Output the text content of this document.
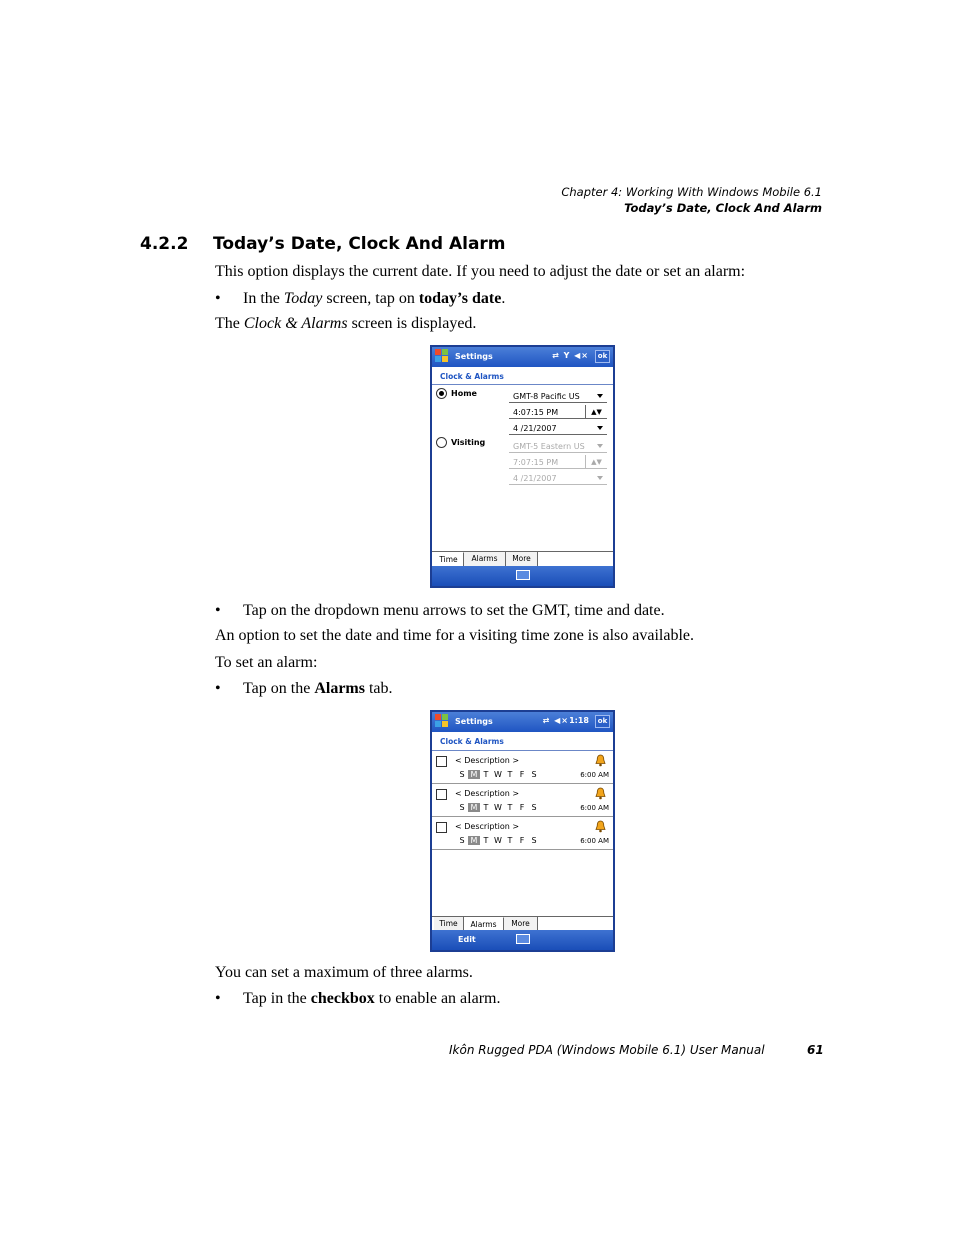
Chapter 4: Working With Windows Mobile 6.1
Today’s Date, Clock And Alarm
4.2.2 Today’s Date, Clock And Alarm
This option displays the current date. If you need to adjust the date or set an alarm:
• In the Today screen, tap on today’s date.
The Clock & Alarms screen is displayed.
Settings	⇄ Y ◀×	ok
Clock & Alarms
Home	GMT-8 Pacific US
4:07:15 PM	▲▼
4 /21/2007
Visiting	GMT-5 Eastern US
7:07:15 PM	▲▼
4 /21/2007
Time	Alarms	More
• Tap on the dropdown menu arrows to set the GMT, time and date.
An option to set the date and time for a visiting time zone is also available.
To set an alarm:
• Tap on the Alarms tab.
Settings	⇄ ◀× 1:18	ok
Clock & Alarms
< Description >
S M T W T F S	6:00 AM
< Description >
S M T W T F S	6:00 AM
< Description >
S M T W T F S	6:00 AM
Time	Alarms	More
Edit
You can set a maximum of three alarms.
• Tap in the checkbox to enable an alarm.
Ikôn Rugged PDA (Windows Mobile 6.1) User Manual	61
